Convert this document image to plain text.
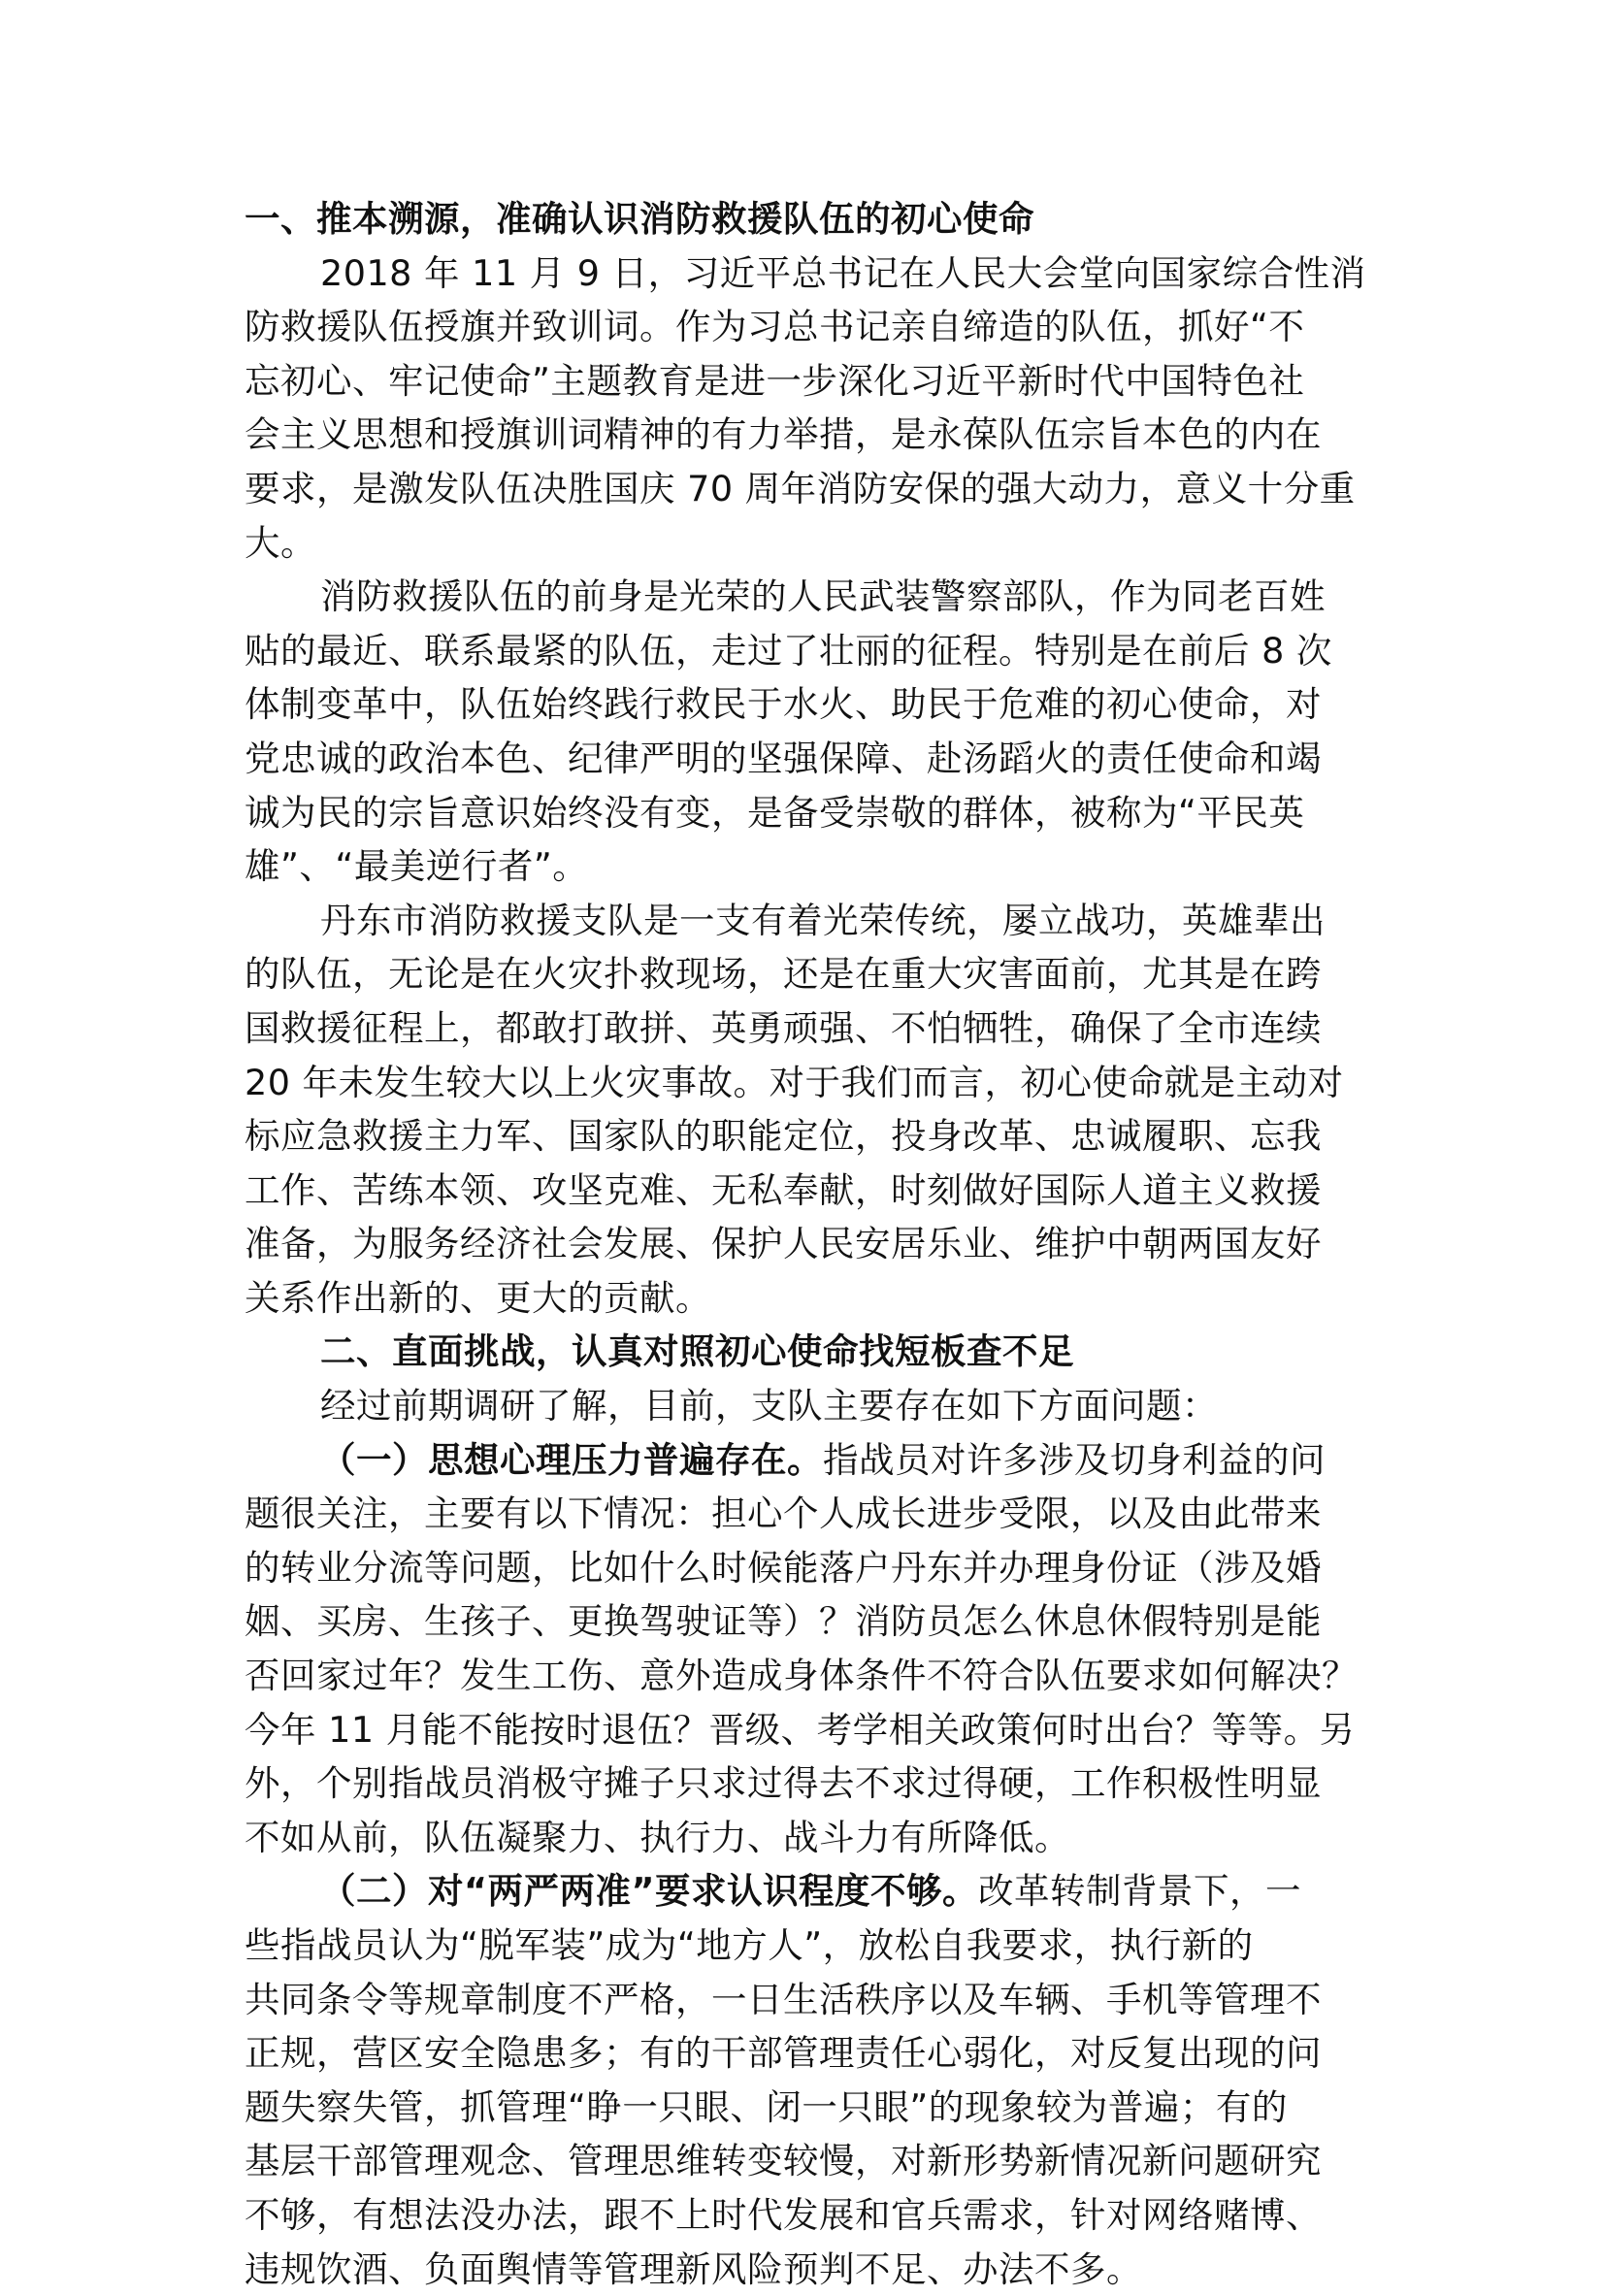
一、推本溯源，准确认识消防救援队伍的初心使命
2018 年 11 月 9 日，习近平总书记在人民大会堂向国家综合性消
防救援队伍授旗并致训词。作为习总书记亲自缔造的队伍，抓好“不
忘初心、牢记使命”主题教育是进一步深化习近平新时代中国特色社
会主义思想和授旗训词精神的有力举措，是永葆队伍宗旨本色的内在
要求，是激发队伍决胜国庆 70 周年消防安保的强大动力，意义十分重
大。
消防救援队伍的前身是光荣的人民武装警察部队，作为同老百姓
贴的最近、联系最紧的队伍，走过了壮丽的征程。特别是在前后 8 次
体制变革中，队伍始终践行救民于水火、助民于危难的初心使命，对
党忠诚的政治本色、纪律严明的坚强保障、赴汤蹈火的责任使命和竭
诚为民的宗旨意识始终没有变，是备受崇敬的群体，被称为“平民英
雄”、“最美逆行者”。
丹东市消防救援支队是一支有着光荣传统，屡立战功，英雄辈出
的队伍，无论是在火灾扑救现场，还是在重大灾害面前，尤其是在跨
国救援征程上，都敢打敢拼、英勇顽强、不怕牺牲，确保了全市连续
20 年未发生较大以上火灾事故。对于我们而言，初心使命就是主动对
标应急救援主力军、国家队的职能定位，投身改革、忠诚履职、忘我
工作、苦练本领、攻坚克难、无私奉献，时刻做好国际人道主义救援
准备，为服务经济社会发展、保护人民安居乐业、维护中朝两国友好
关系作出新的、更大的贡献。
二、直面挑战，认真对照初心使命找短板查不足
经过前期调研了解，目前，支队主要存在如下方面问题：
（一）思想心理压力普遍存在。指战员对许多涉及切身利益的问
题很关注，主要有以下情况：担心个人成长进步受限，以及由此带来
的转业分流等问题，比如什么时候能落户丹东并办理身份证（涉及婚
姻、买房、生孩子、更换驾驶证等）？消防员怎么休息休假特别是能
否回家过年？发生工伤、意外造成身体条件不符合队伍要求如何解决？
今年 11 月能不能按时退伍？晋级、考学相关政策何时出台？等等。另
外，个别指战员消极守摊子只求过得去不求过得硬，工作积极性明显
不如从前，队伍凝聚力、执行力、战斗力有所降低。
（二）对“两严两准”要求认识程度不够。改革转制背景下，一
些指战员认为“脱军装”成为“地方人”，放松自我要求，执行新的
共同条令等规章制度不严格，一日生活秩序以及车辆、手机等管理不
正规，营区安全隐患多；有的干部管理责任心弱化，对反复出现的问
题失察失管，抓管理“睁一只眼、闭一只眼”的现象较为普遍；有的
基层干部管理观念、管理思维转变较慢，对新形势新情况新问题研究
不够，有想法没办法，跟不上时代发展和官兵需求，针对网络赌博、
违规饮酒、负面舆情等管理新风险预判不足、办法不多。
